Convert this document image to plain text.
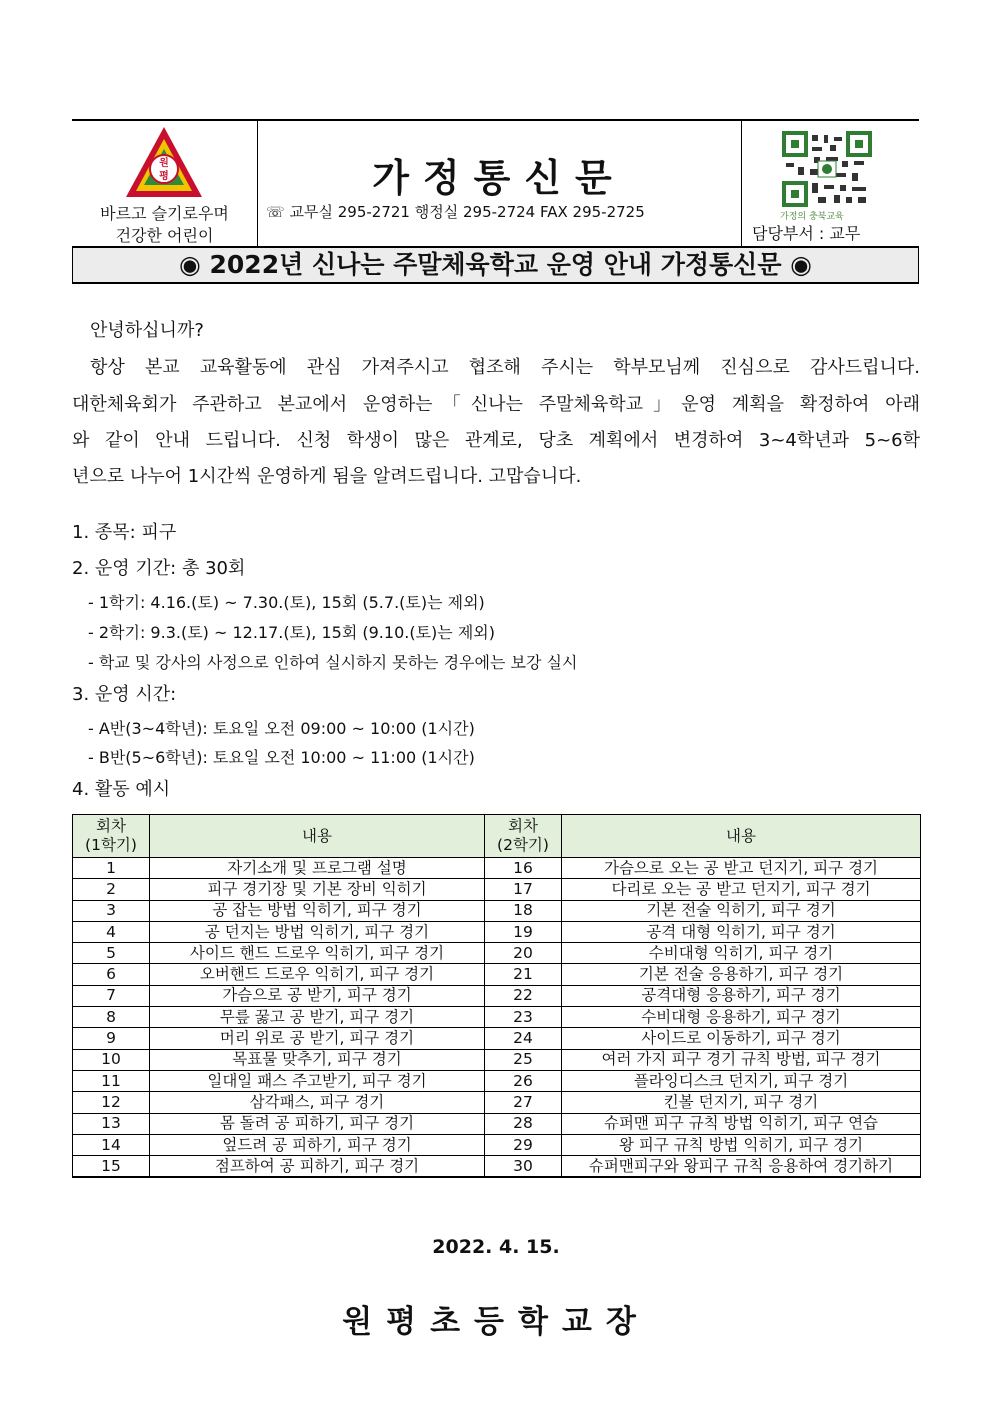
원
평
바르고 슬기로우며
건강한 어린이
가정통신문
☏ 교무실 295-2721 행정실 295-2724 FAX 295-2725	가정의 충북교육
담당부서 : 교무
◉ 2022년 신나는 주말체육학교 운영 안내 가정통신문 ◉
안녕하십니까?
항상 본교 교육활동에 관심 가져주시고 협조해 주시는 학부모님께 진심으로 감사드립니다.
대한체육회가 주관하고 본교에서 운영하는「신나는 주말체육학교」운영 계획을 확정하여 아래
와 같이 안내 드립니다. 신청 학생이 많은 관계로, 당초 계획에서 변경하여 3~4학년과 5~6학
년으로 나누어 1시간씩 운영하게 됨을 알려드립니다. 고맙습니다.
1. 종목: 피구
2. 운영 기간: 총 30회
- 1학기: 4.16.(토) ~ 7.30.(토), 15회 (5.7.(토)는 제외)
- 2학기: 9.3.(토) ~ 12.17.(토), 15회 (9.10.(토)는 제외)
- 학교 및 강사의 사정으로 인하여 실시하지 못하는 경우에는 보강 실시
3. 운영 시간:
- A반(3~4학년): 토요일 오전 09:00 ~ 10:00 (1시간)
- B반(5~6학년): 토요일 오전 10:00 ~ 11:00 (1시간)
4. 활동 예시
회차
(1학기)	내용	회차
(2학기)	내용
1	자기소개 및 프로그램 설명	16	가슴으로 오는 공 받고 던지기, 피구 경기
2	피구 경기장 및 기본 장비 익히기	17	다리로 오는 공 받고 던지기, 피구 경기
3	공 잡는 방법 익히기, 피구 경기	18	기본 전술 익히기, 피구 경기
4	공 던지는 방법 익히기, 피구 경기	19	공격 대형 익히기, 피구 경기
5	사이드 핸드 드로우 익히기, 피구 경기	20	수비대형 익히기, 피구 경기
6	오버핸드 드로우 익히기, 피구 경기	21	기본 전술 응용하기, 피구 경기
7	가슴으로 공 받기, 피구 경기	22	공격대형 응용하기, 피구 경기
8	무릎 꿇고 공 받기, 피구 경기	23	수비대형 응용하기, 피구 경기
9	머리 위로 공 받기, 피구 경기	24	사이드로 이동하기, 피구 경기
10	목표물 맞추기, 피구 경기	25	여러 가지 피구 경기 규칙 방법, 피구 경기
11	일대일 패스 주고받기, 피구 경기	26	플라잉디스크 던지기, 피구 경기
12	삼각패스, 피구 경기	27	킨볼 던지기, 피구 경기
13	몸 돌려 공 피하기, 피구 경기	28	슈퍼맨 피구 규칙 방법 익히기, 피구 연습
14	엎드려 공 피하기, 피구 경기	29	왕 피구 규칙 방법 익히기, 피구 경기
15	점프하여 공 피하기, 피구 경기	30	슈퍼맨피구와 왕피구 규칙 응용하여 경기하기
2022. 4. 15.
원평초등학교장
